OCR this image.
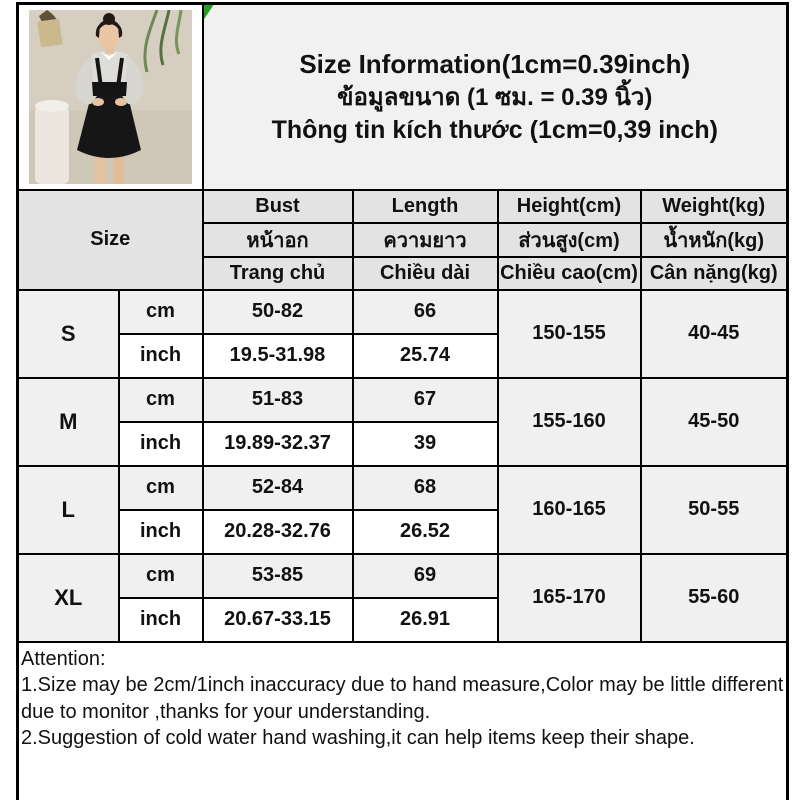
Size Information(1cm=0.39inch)
ข้อมูลขนาด (1 ซม. = 0.39 นิ้ว)
Thông tin kích thước (1cm=0,39 inch)			

Size		Bust	Length	Height(cm)	Weight(kg)
		หน้าอก	ความยาว	ส่วนสูง(cm)	น้ำหนัก(kg)
		Trang chủ	Chiều dài	Chiều cao(cm)	Cân nặng(kg)
S	cm	50-82	66	150-155	40-45
	inch	19.5-31.98	25.74		
M	cm	51-83	67	155-160	45-50
	inch	19.89-32.37	39		
L	cm	52-84	68	160-165	50-55
	inch	20.28-32.76	26.52		
XL	cm	53-85	69	165-170	55-60
	inch	20.67-33.15	26.91		

Attention:
1.Size may be 2cm/1inch inaccuracy due to hand measure,Color may be little different due to monitor ,thanks for your understanding.
2.Suggestion of cold water hand washing,it can help items keep their shape.					
